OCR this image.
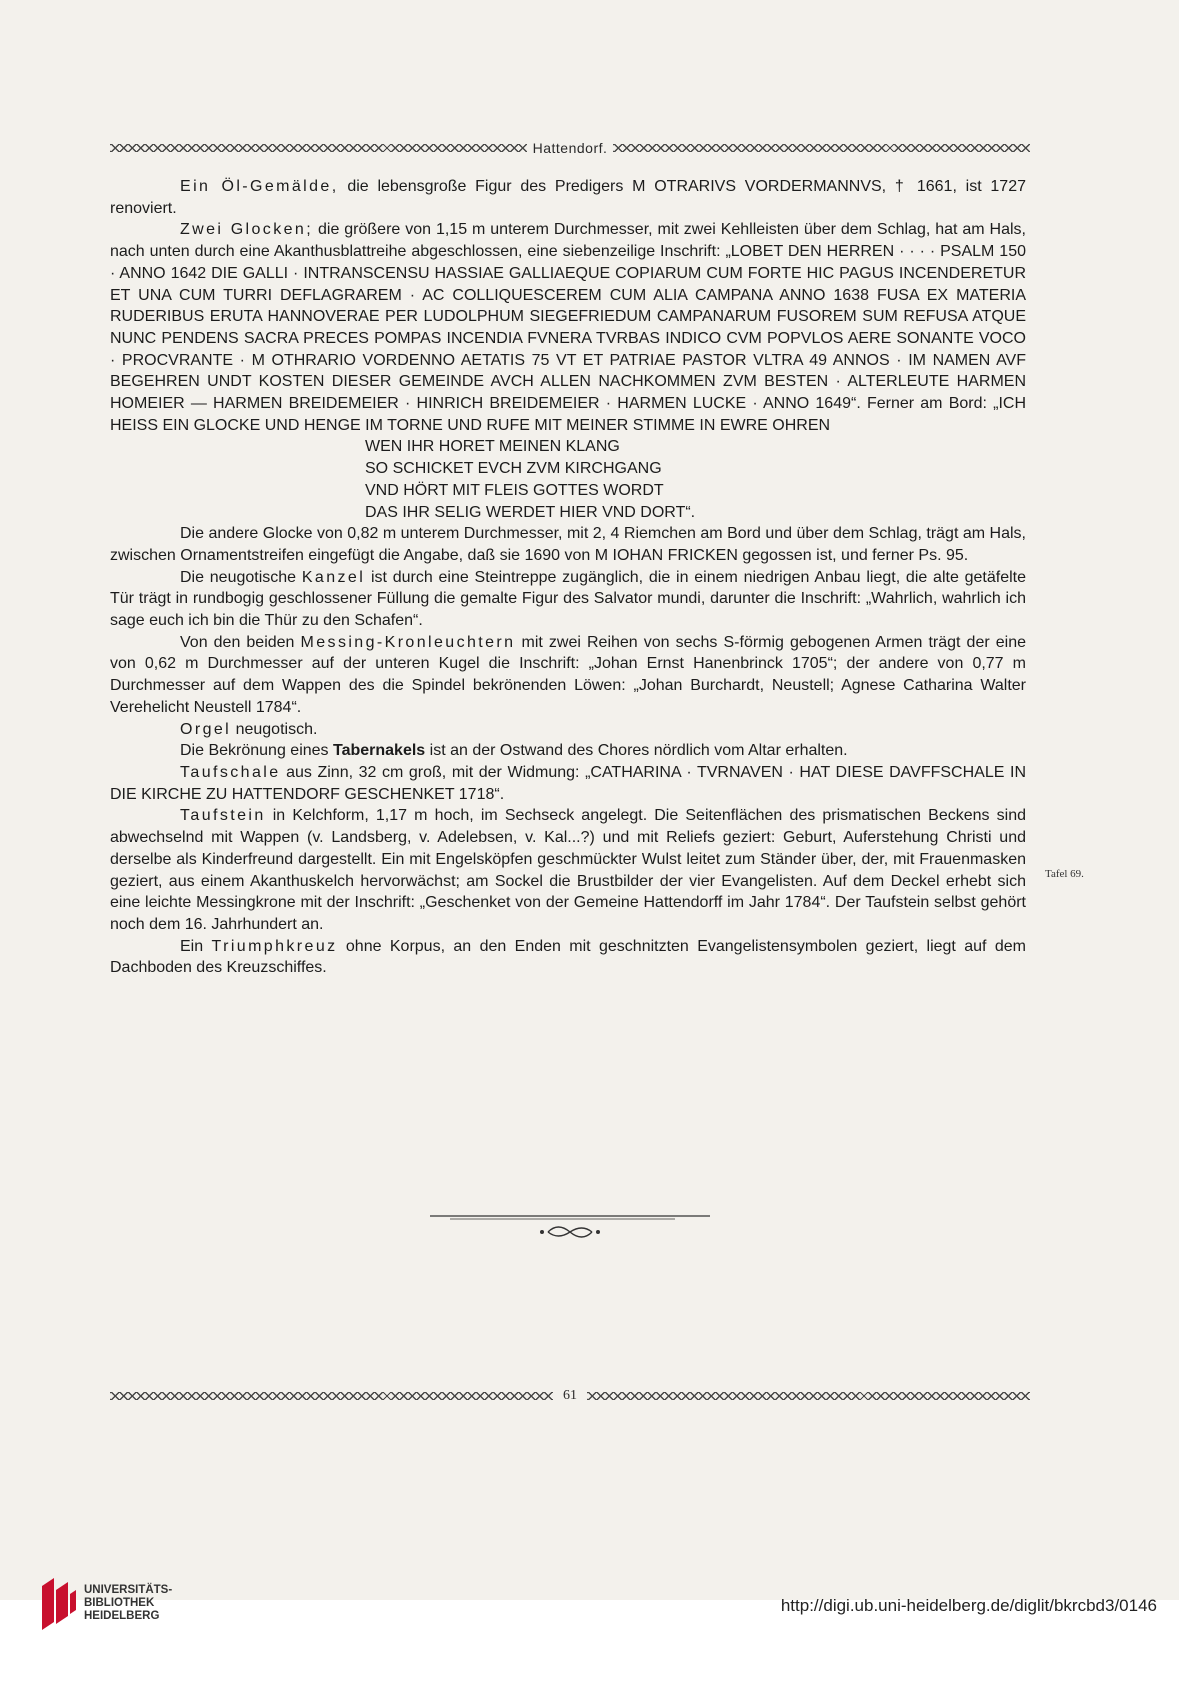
Hattendorf.

Ein Öl-Gemälde, die lebensgroße Figur des Predigers M OTRARIVS VORDERMANNVS, † 1661, ist 1727 renoviert.

Zwei Glocken; die größere von 1,15 m unterem Durchmesser, mit zwei Kehlleisten über dem Schlag, hat am Hals, nach unten durch eine Akanthusblattreihe abgeschlossen, eine siebenzeilige Inschrift: „LOBET DEN HERREN · · · · PSALM 150 · ANNO 1642 DIE GALLI · INTRANSCENSU HASSIAE GALLIAEQUE COPIARUM CUM FORTE HIC PAGUS INCENDERETUR ET UNA CUM TURRI DEFLAGRAREM · AC COLLIQUESCEREM CUM ALIA CAMPANA ANNO 1638 FUSA EX MATERIA RUDERIBUS ERUTA HANNOVERAE PER LUDOLPHUM SIEGEFRIEDUM CAMPANARUM FUSOREM SUM REFUSA ATQUE NUNC PENDENS SACRA PRECES POMPAS INCENDIA FVNERA TVRBAS INDICO CVM POPVLOS AERE SONANTE VOCO · PROCVRANTE · M OTHRARIO VORDENNO AETATIS 75 VT ET PATRIAE PASTOR VLTRA 49 ANNOS · IM NAMEN AVF BEGEHREN UNDT KOSTEN DIESER GEMEINDE AVCH ALLEN NACHKOMMEN ZVM BESTEN · ALTERLEUTE HARMEN HOMEIER — HARMEN BREIDEMEIER · HINRICH BREIDEMEIER · HARMEN LUCKE · ANNO 1649“. Ferner am Bord: „ICH HEISS EIN GLOCKE UND HENGE IM TORNE UND RUFE MIT MEINER STIMME IN EWRE OHREN

WEN IHR HORET MEINEN KLANG
SO SCHICKET EVCH ZVM KIRCHGANG
VND HÖRT MIT FLEIS GOTTES WORDT
DAS IHR SELIG WERDET HIER VND DORT“.

Die andere Glocke von 0,82 m unterem Durchmesser, mit 2, 4 Riemchen am Bord und über dem Schlag, trägt am Hals, zwischen Ornamentstreifen eingefügt die Angabe, daß sie 1690 von M IOHAN FRICKEN gegossen ist, und ferner Ps. 95.

Die neugotische Kanzel ist durch eine Steintreppe zugänglich, die in einem niedrigen Anbau liegt, die alte getäfelte Tür trägt in rundbogig geschlossener Füllung die gemalte Figur des Salvator mundi, darunter die Inschrift: „Wahrlich, wahrlich ich sage euch ich bin die Thür zu den Schafen“.

Von den beiden Messing-Kronleuchtern mit zwei Reihen von sechs S-förmig gebogenen Armen trägt der eine von 0,62 m Durchmesser auf der unteren Kugel die Inschrift: „Johan Ernst Hanenbrinck 1705“; der andere von 0,77 m Durchmesser auf dem Wappen des die Spindel bekrönenden Löwen: „Johan Burchardt, Neustell; Agnese Catharina Walter Verehelicht Neustell 1784“.

Orgel neugotisch.

Die Bekrönung eines Tabernakels ist an der Ostwand des Chores nördlich vom Altar erhalten.

Taufschale aus Zinn, 32 cm groß, mit der Widmung: „CATHARINA · TVRNAVEN · HAT DIESE DAVFFSCHALE IN DIE KIRCHE ZU HATTENDORF GESCHENKET 1718“.

Taufstein in Kelchform, 1,17 m hoch, im Sechseck angelegt. Die Seitenflächen des prismatischen Beckens sind abwechselnd mit Wappen (v. Landsberg, v. Adelebsen, v. Kal...?) und mit Reliefs geziert: Geburt, Auferstehung Christi und derselbe als Kinderfreund dargestellt. Ein mit Engelsköpfen geschmückter Wulst leitet zum Ständer über, der, mit Frauenmasken geziert, aus einem Akanthuskelch hervorwächst; am Sockel die Brustbilder der vier Evangelisten. Auf dem Deckel erhebt sich eine leichte Messingkrone mit der Inschrift: „Geschenket von der Gemeine Hattendorff im Jahr 1784“. Der Taufstein selbst gehört noch dem 16. Jahrhundert an.

Ein Triumphkreuz ohne Korpus, an den Enden mit geschnitzten Evangelistensymbolen geziert, liegt auf dem Dachboden des Kreuzschiffes.

Tafel 69.
61
UNIVERSITÄTS-
BIBLIOTHEK
HEIDELBERG
http://digi.ub.uni-heidelberg.de/diglit/bkrcbd3/0146
